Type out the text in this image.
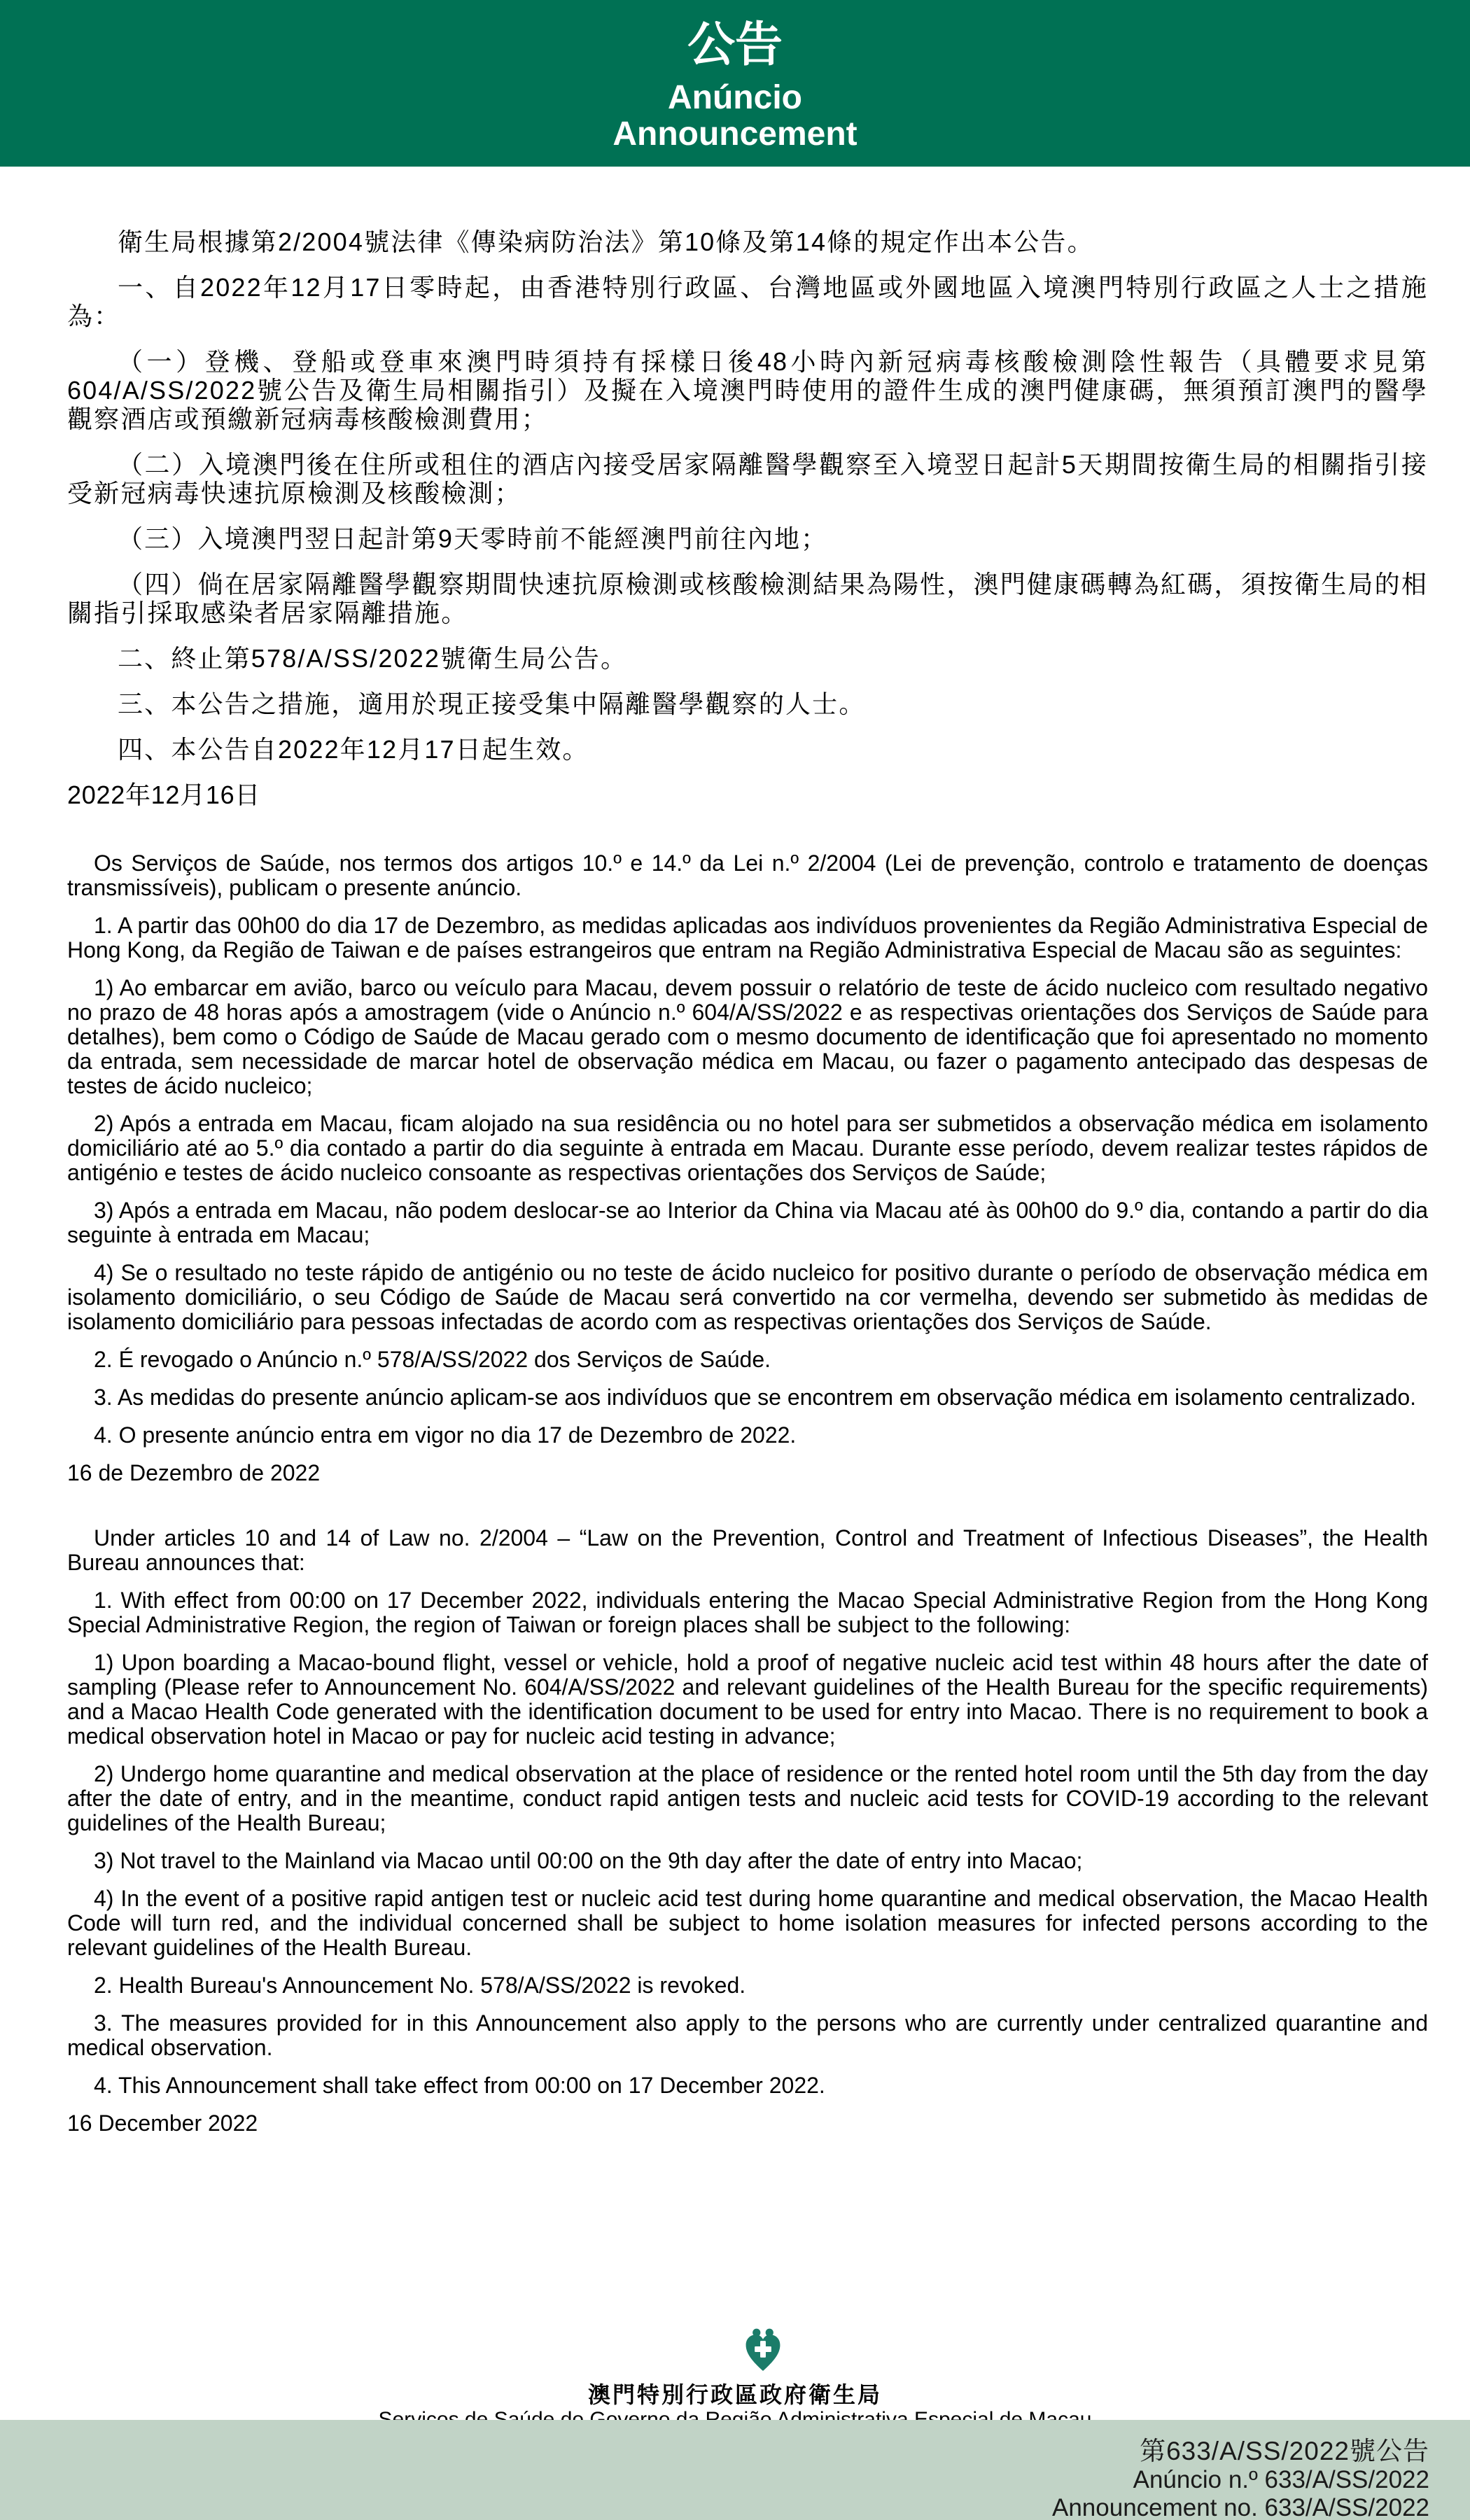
公告
Anúncio
Announcement

衛生局根據第2/2004號法律《傳染病防治法》第10條及第14條的規定作出本公告。

一、自2022年12月17日零時起，由香港特別行政區、台灣地區或外國地區入境澳門特別行政區之人士之措施為：

（一）登機、登船或登車來澳門時須持有採樣日後48小時內新冠病毒核酸檢測陰性報告（具體要求見第604/A/SS/2022號公告及衛生局相關指引）及擬在入境澳門時使用的證件生成的澳門健康碼，無須預訂澳門的醫學觀察酒店或預繳新冠病毒核酸檢測費用；

（二）入境澳門後在住所或租住的酒店內接受居家隔離醫學觀察至入境翌日起計5天期間按衛生局的相關指引接受新冠病毒快速抗原檢測及核酸檢測；

（三）入境澳門翌日起計第9天零時前不能經澳門前往內地；

（四）倘在居家隔離醫學觀察期間快速抗原檢測或核酸檢測結果為陽性，澳門健康碼轉為紅碼，須按衛生局的相關指引採取感染者居家隔離措施。

二、終止第578/A/SS/2022號衛生局公告。

三、本公告之措施，適用於現正接受集中隔離醫學觀察的人士。

四、本公告自2022年12月17日起生效。

2022年12月16日

Os Serviços de Saúde, nos termos dos artigos 10.º e 14.º da Lei n.º 2/2004 (Lei de prevenção, controlo e tratamento de doenças transmissíveis), publicam o presente anúncio.

1. A partir das 00h00 do dia 17 de Dezembro, as medidas aplicadas aos indivíduos provenientes da Região Administrativa Especial de Hong Kong, da Região de Taiwan e de países estrangeiros que entram na Região Administrativa Especial de Macau são as seguintes:

1) Ao embarcar em avião, barco ou veículo para Macau, devem possuir o relatório de teste de ácido nucleico com resultado negativo no prazo de 48 horas após a amostragem (vide o Anúncio n.º 604/A/SS/2022 e as respectivas orientações dos Serviços de Saúde para detalhes), bem como o Código de Saúde de Macau gerado com o mesmo documento de identificação que foi apresentado no momento da entrada, sem necessidade de marcar hotel de observação médica em Macau, ou fazer o pagamento antecipado das despesas de testes de ácido nucleico;

2) Após a entrada em Macau, ficam alojado na sua residência ou no hotel para ser submetidos a observação médica em isolamento domiciliário até ao 5.º dia contado a partir do dia seguinte à entrada em Macau. Durante esse período, devem realizar testes rápidos de antigénio e testes de ácido nucleico consoante as respectivas orientações dos Serviços de Saúde;

3) Após a entrada em Macau, não podem deslocar-se ao Interior da China via Macau até às 00h00 do 9.º dia, contando a partir do dia seguinte à entrada em Macau;

4) Se o resultado no teste rápido de antigénio ou no teste de ácido nucleico for positivo durante o período de observação médica em isolamento domiciliário, o seu Código de Saúde de Macau será convertido na cor vermelha, devendo ser submetido às medidas de isolamento domiciliário para pessoas infectadas de acordo com as respectivas orientações dos Serviços de Saúde.

2. É revogado o Anúncio n.º 578/A/SS/2022 dos Serviços de Saúde.

3. As medidas do presente anúncio aplicam-se aos indivíduos que se encontrem em observação médica em isolamento centralizado.

4. O presente anúncio entra em vigor no dia 17 de Dezembro de 2022.

16 de Dezembro de 2022

Under articles 10 and 14 of Law no. 2/2004 – “Law on the Prevention, Control and Treatment of Infectious Diseases”, the Health Bureau announces that:

1. With effect from 00:00 on 17 December 2022, individuals entering the Macao Special Administrative Region from the Hong Kong Special Administrative Region, the region of Taiwan or foreign places shall be subject to the following:

1) Upon boarding a Macao-bound flight, vessel or vehicle, hold a proof of negative nucleic acid test within 48 hours after the date of sampling (Please refer to Announcement No. 604/A/SS/2022 and relevant guidelines of the Health Bureau for the specific requirements) and a Macao Health Code generated with the identification document to be used for entry into Macao. There is no requirement to book a medical observation hotel in Macao or pay for nucleic acid testing in advance;

2) Undergo home quarantine and medical observation at the place of residence or the rented hotel room until the 5th day from the day after the date of entry, and in the meantime, conduct rapid antigen tests and nucleic acid tests for COVID-19 according to the relevant guidelines of the Health Bureau;

3) Not travel to the Mainland via Macao until 00:00 on the 9th day after the date of entry into Macao;

4) In the event of a positive rapid antigen test or nucleic acid test during home quarantine and medical observation, the Macao Health Code will turn red, and the individual concerned shall be subject to home isolation measures for infected persons according to the relevant guidelines of the Health Bureau.

2. Health Bureau's Announcement No. 578/A/SS/2022 is revoked.

3. The measures provided for in this Announcement also apply to the persons who are currently under centralized quarantine and medical observation.

4. This Announcement shall take effect from 00:00 on 17 December 2022.

16 December 2022

澳門特別行政區政府衛生局
第633/A/SS/2022號公告
Anúncio n.º 633/A/SS/2022
Announcement no. 633/A/SS/2022
